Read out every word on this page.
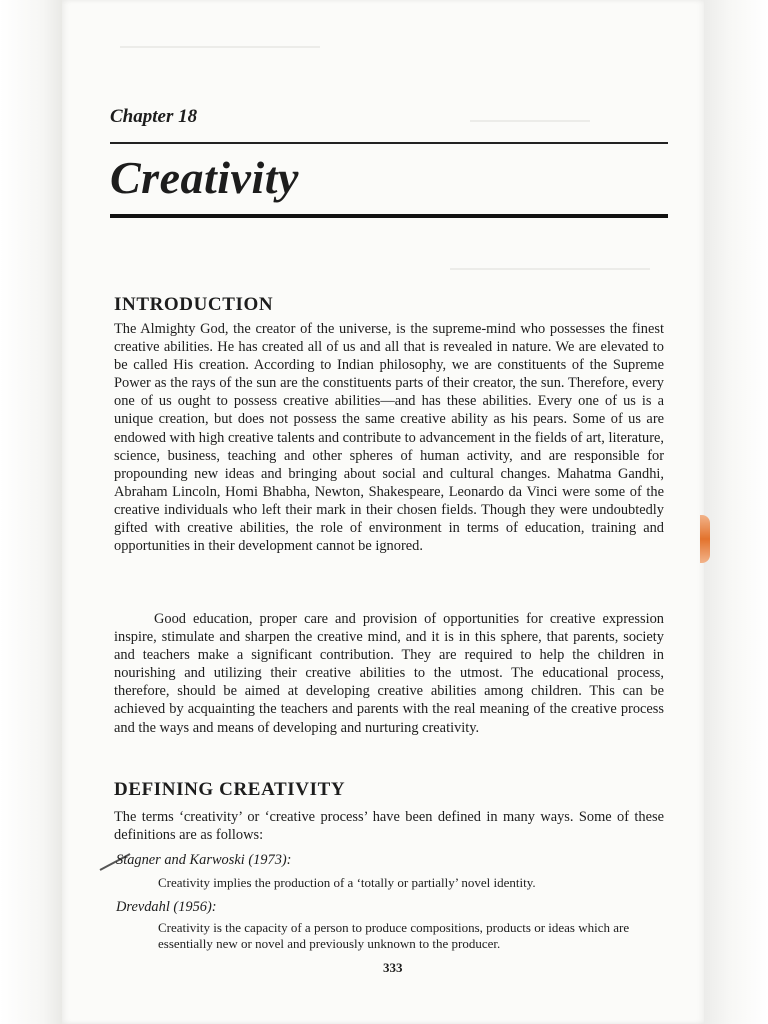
Chapter 18
Creativity
INTRODUCTION

The Almighty God, the creator of the universe, is the supreme-mind who possesses the finest creative abilities. He has created all of us and all that is revealed in nature. We are elevated to be called His creation. According to Indian philosophy, we are constituents of the Supreme Power as the rays of the sun are the constituents parts of their creator, the sun. Therefore, every one of us ought to possess creative abilities—and has these abilities. Every one of us is a unique creation, but does not possess the same creative ability as his pears. Some of us are endowed with high creative talents and contribute to advancement in the fields of art, literature, science, business, teaching and other spheres of human activity, and are responsible for propounding new ideas and bringing about social and cultural changes. Mahatma Gandhi, Abraham Lincoln, Homi Bhabha, Newton, Shakespeare, Leonardo da Vinci were some of the creative individuals who left their mark in their chosen fields. Though they were undoubtedly gifted with creative abilities, the role of environment in terms of education, training and opportunities in their development cannot be ignored.

Good education, proper care and provision of opportunities for creative expression inspire, stimulate and sharpen the creative mind, and it is in this sphere, that parents, society and teachers make a significant contribution. They are required to help the children in nourishing and utilizing their creative abilities to the utmost. The educational process, therefore, should be aimed at developing creative abilities among children. This can be achieved by acquainting the teachers and parents with the real meaning of the creative process and the ways and means of developing and nurturing creativity.

DEFINING CREATIVITY

The terms ‘creativity’ or ‘creative process’ have been defined in many ways. Some of these definitions are as follows:

Stagner and Karwoski (1973):

Creativity implies the production of a ‘totally or partially’ novel identity.

Drevdahl (1956):

Creativity is the capacity of a person to produce compositions, products or ideas which are essentially new or novel and previously unknown to the producer.

333
